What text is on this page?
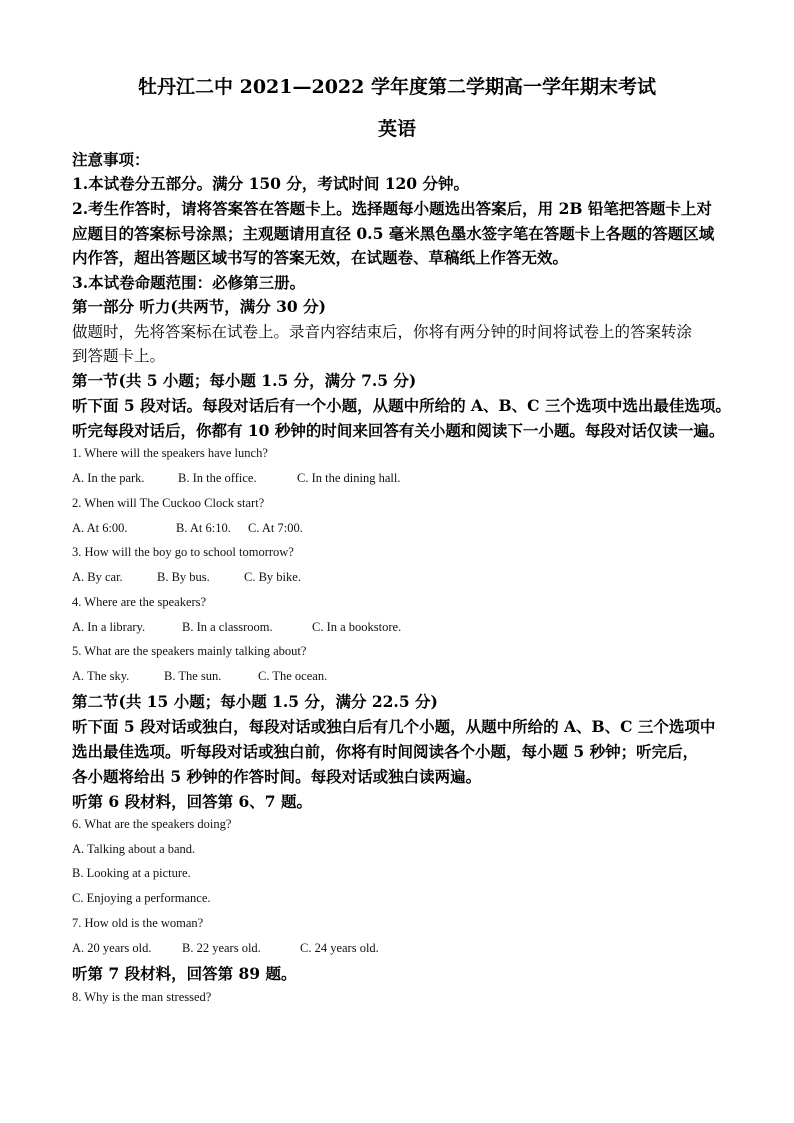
牡丹江二中 2021—2022 学年度第二学期高一学年期末考试
英语
注意事项：
1.本试卷分五部分。满分 150 分，考试时间 120 分钟。
2.考生作答时，请将答案答在答题卡上。选择题每小题选出答案后，用 2B 铅笔把答题卡上对
应题目的答案标号涂黑；主观题请用直径 0.5 毫米黑色墨水签字笔在答题卡上各题的答题区域
内作答，超出答题区域书写的答案无效，在试题卷、草稿纸上作答无效。
3.本试卷命题范围：必修第三册。
第一部分 听力(共两节，满分 30 分)
做题时，先将答案标在试卷上。录音内容结束后，你将有两分钟的时间将试卷上的答案转涂
到答题卡上。
第一节(共 5 小题；每小题 1.5 分，满分 7.5 分)
听下面 5 段对话。每段对话后有一个小题，从题中所给的 A、B、C 三个选项中选出最佳选项。
听完每段对话后，你都有 10 秒钟的时间来回答有关小题和阅读下一小题。每段对话仅读一遍。
1. Where will the speakers have lunch?
A. In the park.	B. In the office.	C. In the dining hall.
2. When will The Cuckoo Clock start?
A. At 6:00.	B. At 6:10. C. At 7:00.
3. How will the boy go to school tomorrow?
A. By car.	B. By bus.	C. By bike.
4. Where are the speakers?
A. In a library.	B. In a classroom.	C. In a bookstore.
5. What are the speakers mainly talking about?
A. The sky.	B. The sun.	C. The ocean.
第二节(共 15 小题；每小题 1.5 分，满分 22.5 分)
听下面 5 段对话或独白，每段对话或独白后有几个小题，从题中所给的 A、B、C 三个选项中
选出最佳选项。听每段对话或独白前，你将有时间阅读各个小题，每小题 5 秒钟；听完后，
各小题将给出 5 秒钟的作答时间。每段对话或独白读两遍。
听第 6 段材料，回答第 6、7 题。
6. What are the speakers doing?
A. Talking about a band.
B. Looking at a picture.
C. Enjoying a performance.
7. How old is the woman?
A. 20 years old. B. 22 years old.	C. 24 years old.
听第 7 段材料，回答第 89 题。
8. Why is the man stressed?
